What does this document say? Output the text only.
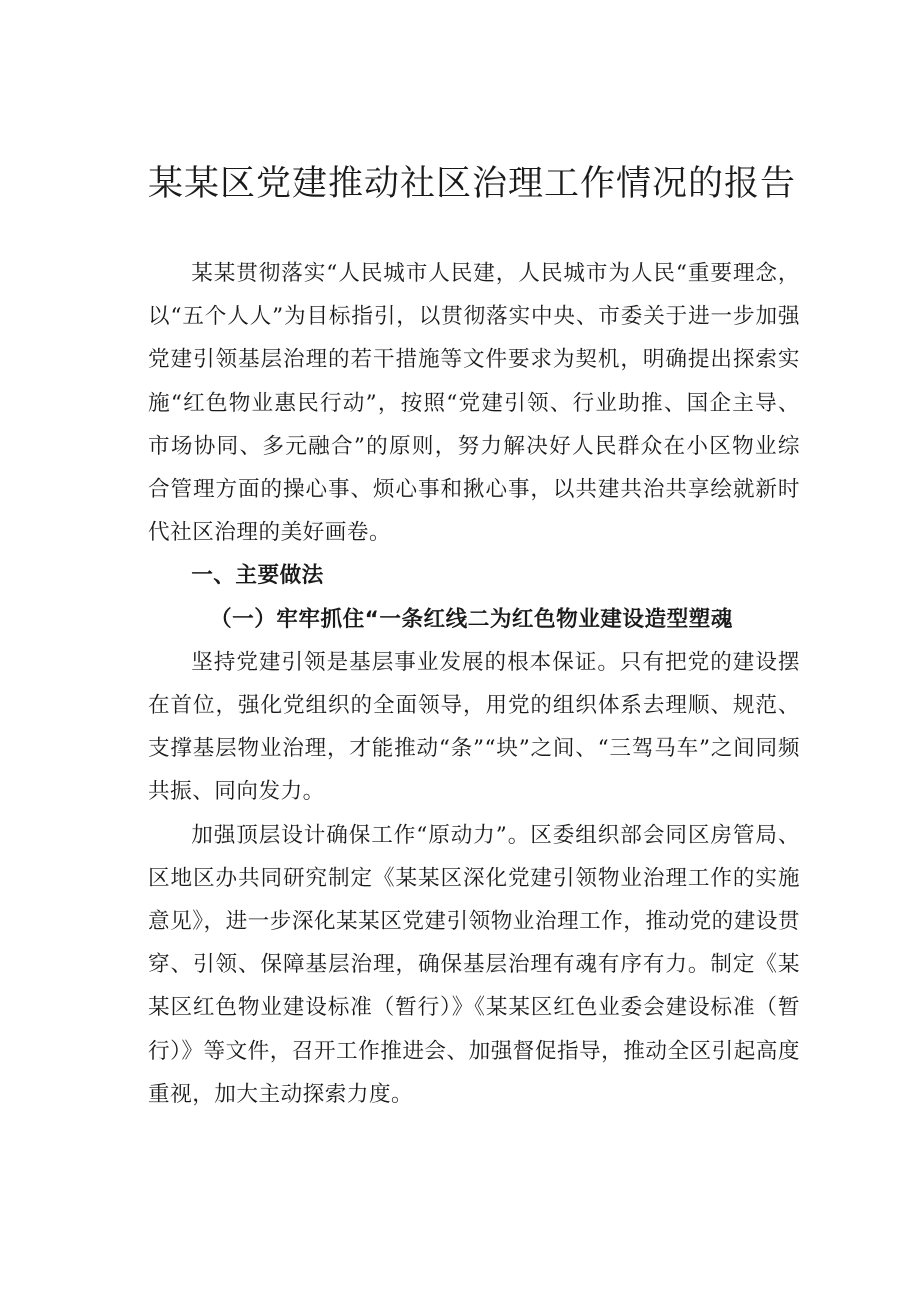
某某区党建推动社区治理工作情况的报告

某某贯彻落实“人民城市人民建，人民城市为人民“重要理念，以“五个人人”为目标指引，以贯彻落实中央、市委关于进一步加强党建引领基层治理的若干措施等文件要求为契机，明确提出探索实施“红色物业惠民行动”，按照“党建引领、行业助推、国企主导、市场协同、多元融合”的原则，努力解决好人民群众在小区物业综合管理方面的操心事、烦心事和揪心事，以共建共治共享绘就新时代社区治理的美好画卷。

一、主要做法
（一）牢牢抓住“一条红线二为红色物业建设造型塑魂

坚持党建引领是基层事业发展的根本保证。只有把党的建设摆在首位，强化党组织的全面领导，用党的组织体系去理顺、规范、支撑基层物业治理，才能推动“条”“块”之间、“三驾马车”之间同频共振、同向发力。

加强顶层设计确保工作“原动力”。区委组织部会同区房管局、区地区办共同研究制定《某某区深化党建引领物业治理工作的实施意见》，进一步深化某某区党建引领物业治理工作，推动党的建设贯穿、引领、保障基层治理，确保基层治理有魂有序有力。制定《某某区红色物业建设标准（暂行）》《某某区红色业委会建设标准（暂行）》等文件，召开工作推进会、加强督促指导，推动全区引起高度重视，加大主动探索力度。
